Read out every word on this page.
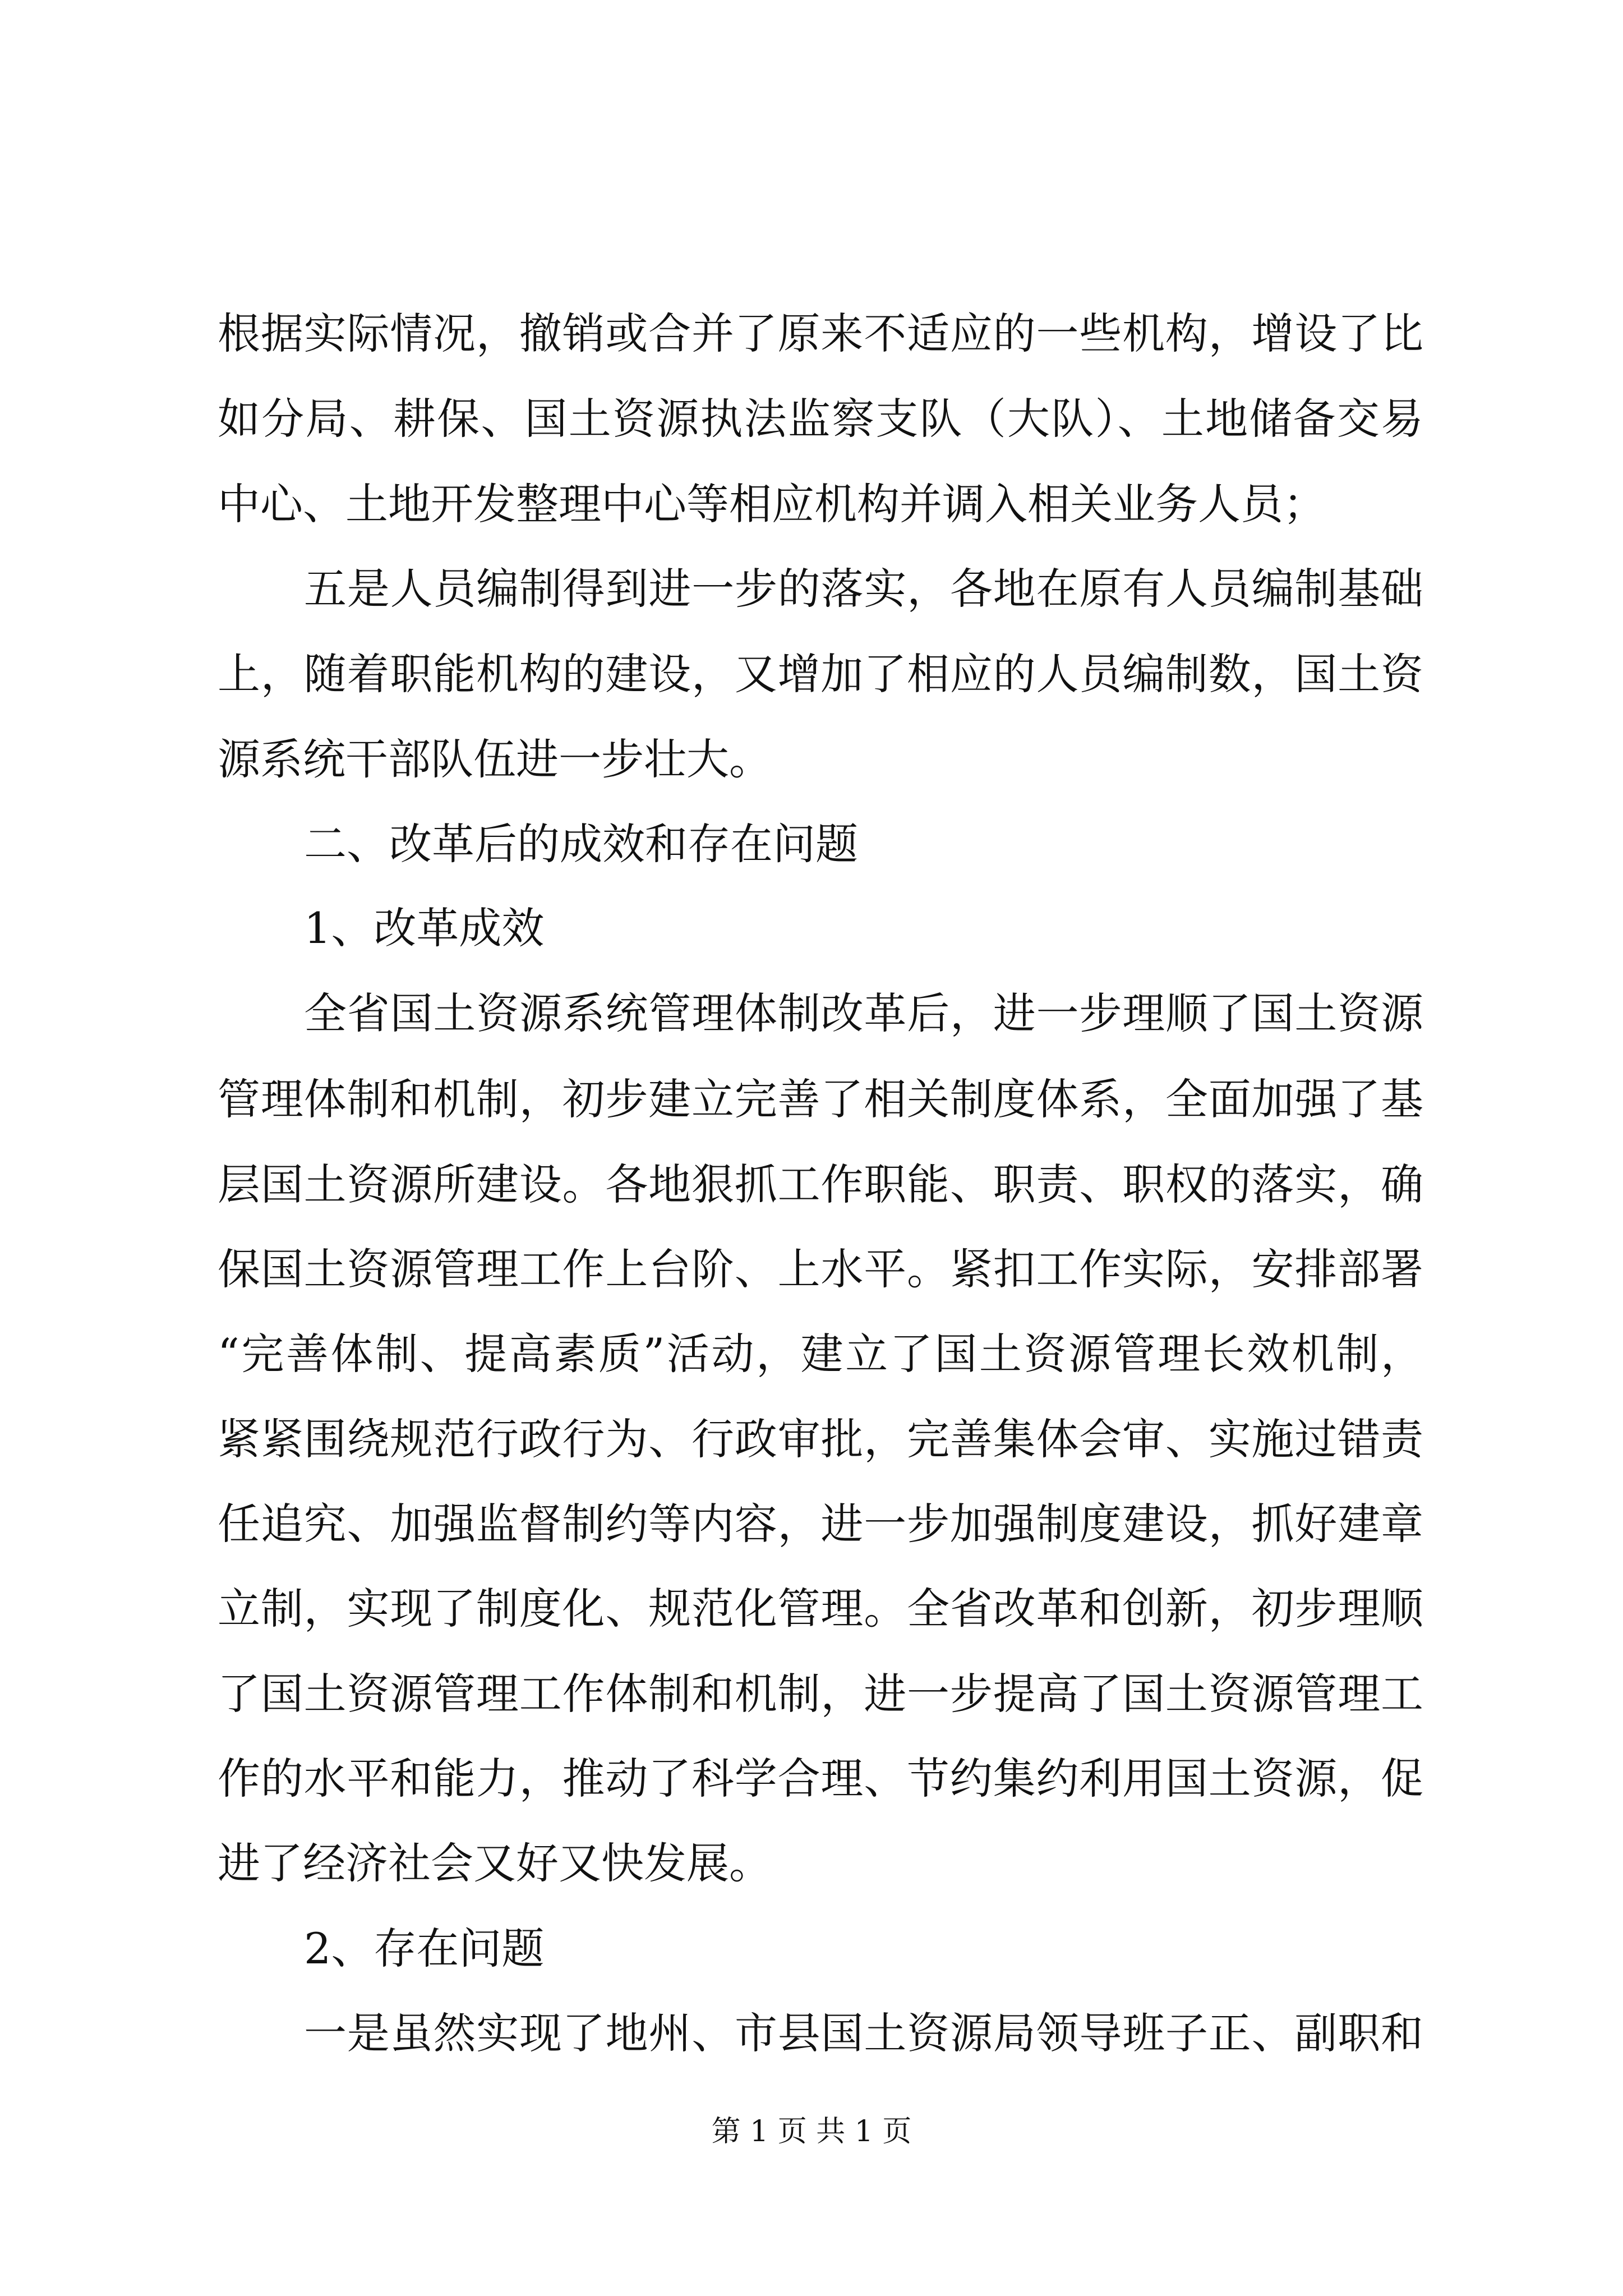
根据实际情况，撤销或合并了原来不适应的一些机构，增设了比
如分局、耕保、国土资源执法监察支队（大队）、土地储备交易
中心、土地开发整理中心等相应机构并调入相关业务人员；
五是人员编制得到进一步的落实，各地在原有人员编制基础
上，随着职能机构的建设，又增加了相应的人员编制数，国土资
源系统干部队伍进一步壮大。
二、改革后的成效和存在问题
1、改革成效
全省国土资源系统管理体制改革后，进一步理顺了国土资源
管理体制和机制，初步建立完善了相关制度体系，全面加强了基
层国土资源所建设。各地狠抓工作职能、职责、职权的落实，确
保国土资源管理工作上台阶、上水平。紧扣工作实际，安排部署
“完善体制、提高素质”活动，建立了国土资源管理长效机制，
紧紧围绕规范行政行为、行政审批，完善集体会审、实施过错责
任追究、加强监督制约等内容，进一步加强制度建设，抓好建章
立制，实现了制度化、规范化管理。全省改革和创新，初步理顺
了国土资源管理工作体制和机制，进一步提高了国土资源管理工
作的水平和能力，推动了科学合理、节约集约利用国土资源，促
进了经济社会又好又快发展。
2、存在问题
一是虽然实现了地州、市县国土资源局领导班子正、副职和
第 1 页 共 1 页
